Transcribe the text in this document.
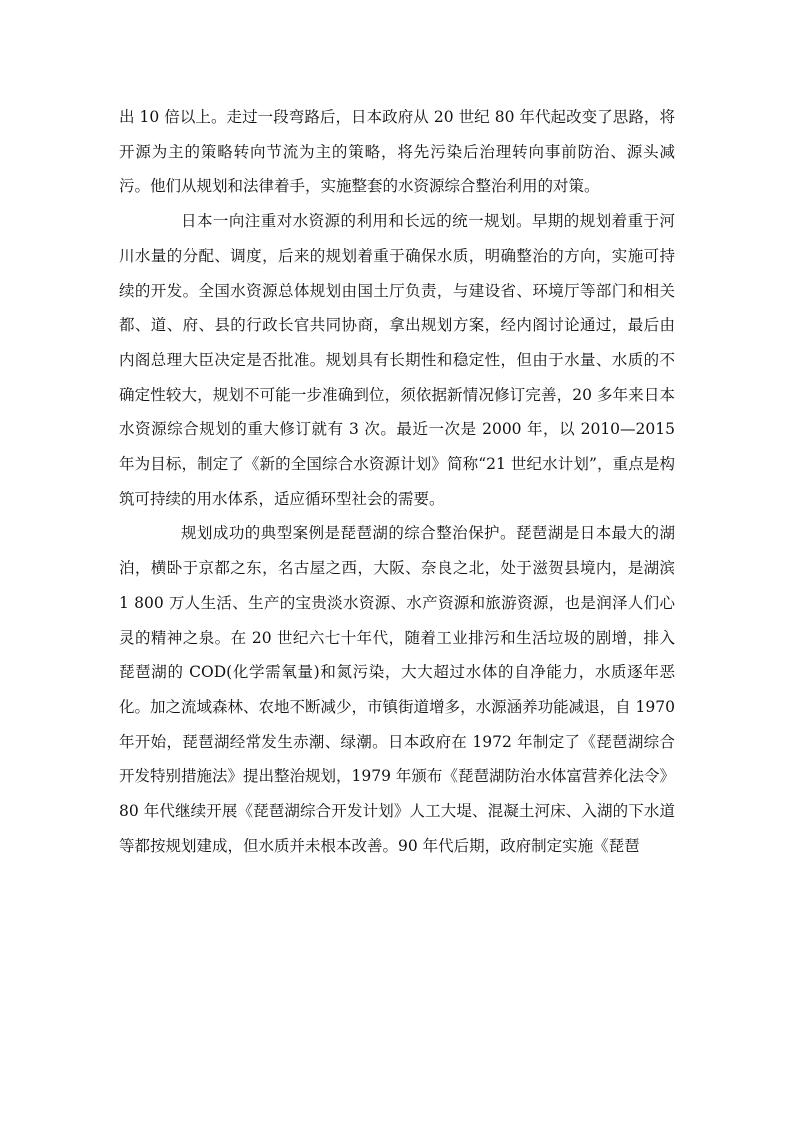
出 10 倍以上。走过一段弯路后，日本政府从 20 世纪 80 年代起改变了思路，将开源为主的策略转向节流为主的策略，将先污染后治理转向事前防治、源头减污。他们从规划和法律着手，实施整套的水资源综合整治利用的对策。

日本一向注重对水资源的利用和长远的统一规划。早期的规划着重于河川水量的分配、调度，后来的规划着重于确保水质，明确整治的方向，实施可持续的开发。全国水资源总体规划由国土厅负责，与建设省、环境厅等部门和相关都、道、府、县的行政长官共同协商，拿出规划方案，经内阁讨论通过，最后由内阁总理大臣决定是否批准。规划具有长期性和稳定性，但由于水量、水质的不确定性较大，规划不可能一步准确到位，须依据新情况修订完善，20 多年来日本水资源综合规划的重大修订就有 3 次。最近一次是 2000 年，以 2010—2015 年为目标，制定了《新的全国综合水资源计划》简称“21 世纪水计划”，重点是构筑可持续的用水体系，适应循环型社会的需要。

规划成功的典型案例是琵琶湖的综合整治保护。琵琶湖是日本最大的湖泊，横卧于京都之东，名古屋之西，大阪、奈良之北，处于滋贺县境内，是湖滨 1 800 万人生活、生产的宝贵淡水资源、水产资源和旅游资源，也是润泽人们心灵的精神之泉。在 20 世纪六七十年代，随着工业排污和生活垃圾的剧增，排入琵琶湖的 COD(化学需氧量)和氮污染，大大超过水体的自净能力，水质逐年恶化。加之流域森林、农地不断减少，市镇街道增多，水源涵养功能减退，自 1970 年开始，琵琶湖经常发生赤潮、绿潮。日本政府在 1972 年制定了《琵琶湖综合开发特别措施法》提出整治规划，1979 年颁布《琵琶湖防治水体富营养化法令》80 年代继续开展《琵琶湖综合开发计划》人工大堤、混凝土河床、入湖的下水道等都按规划建成，但水质并未根本改善。90 年代后期，政府制定实施《琵琶
